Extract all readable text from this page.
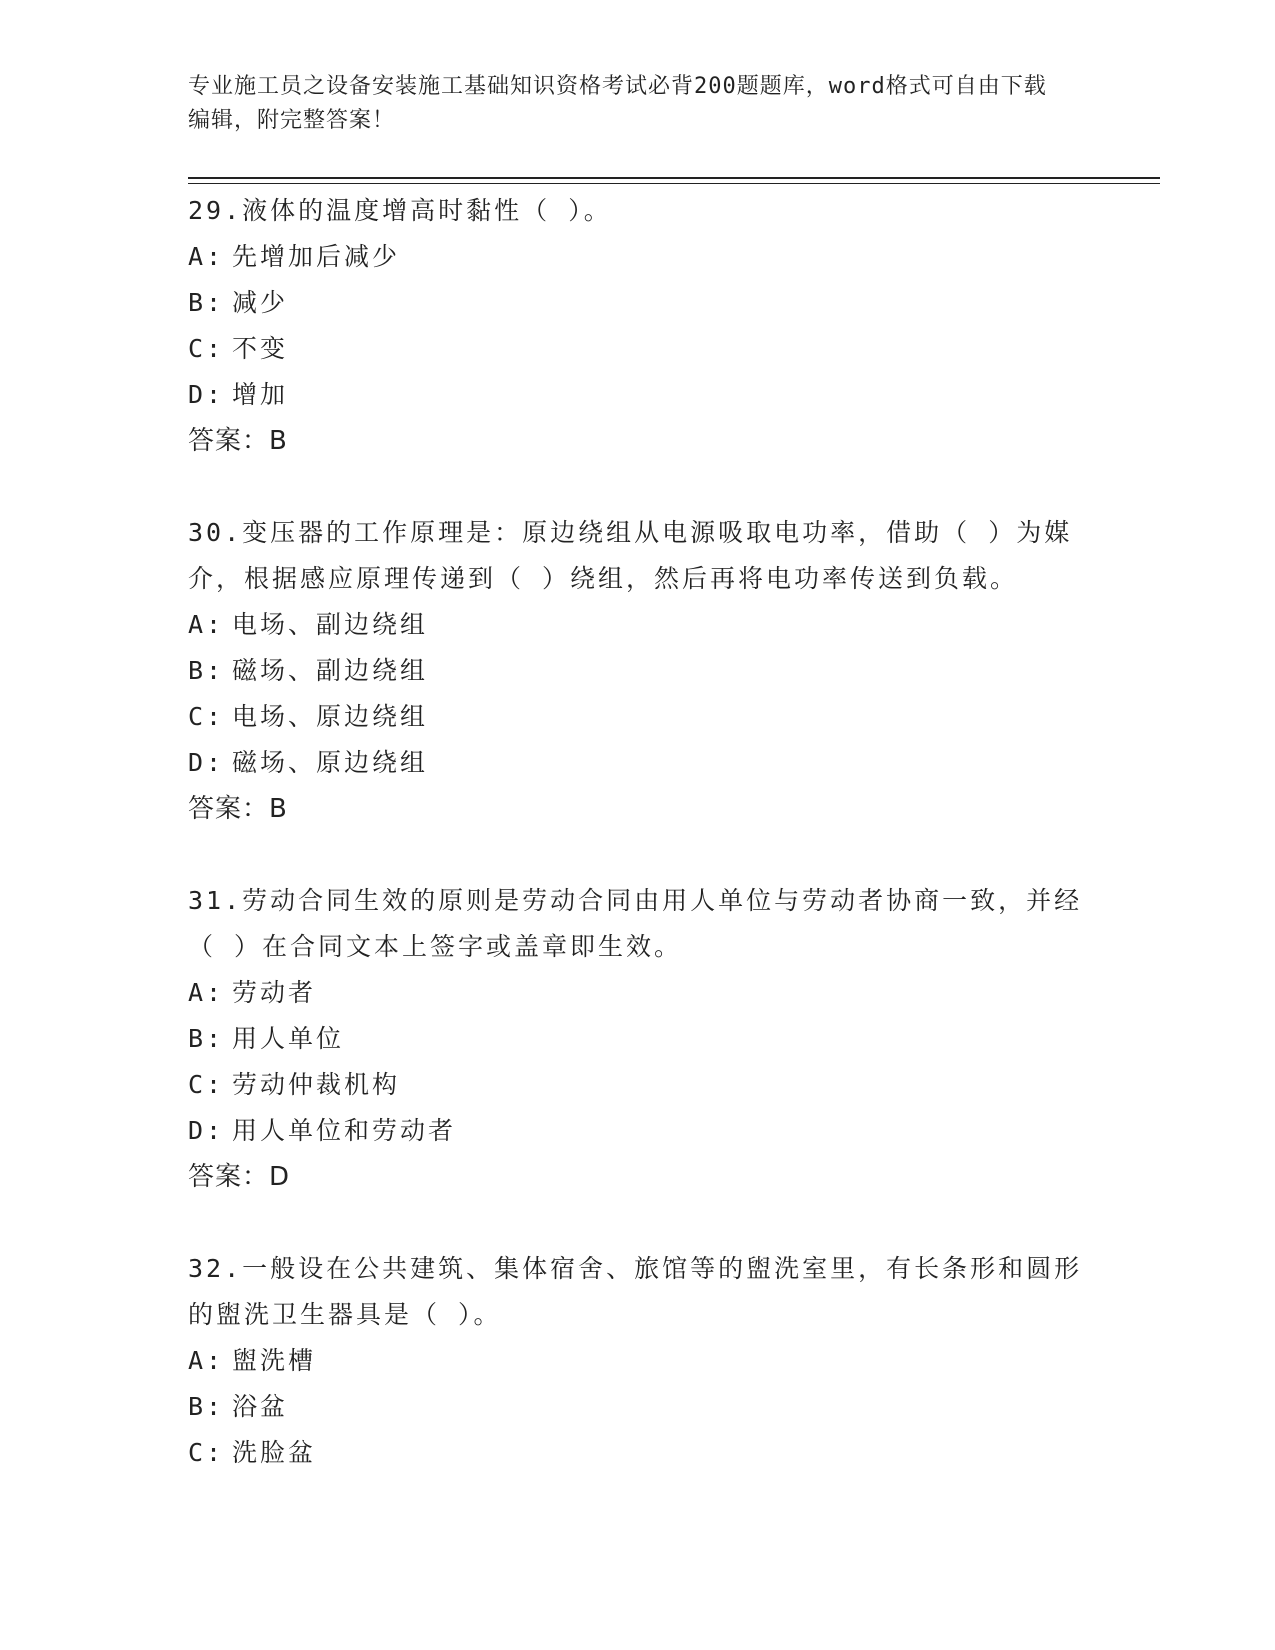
专业施工员之设备安装施工基础知识资格考试必背200题题库，word格式可自由下载编辑，附完整答案！

29.液体的温度增高时黏性（ ）。

A: 先增加后减少
B: 减少
C: 不变
D: 增加

答案：B

30.变压器的工作原理是：原边绕组从电源吸取电功率，借助（ ）为媒介，根据感应原理传递到（ ）绕组，然后再将电功率传送到负载。

A: 电场、副边绕组
B: 磁场、副边绕组
C: 电场、原边绕组
D: 磁场、原边绕组

答案：B

31.劳动合同生效的原则是劳动合同由用人单位与劳动者协商一致，并经（ ）在合同文本上签字或盖章即生效。

A: 劳动者
B: 用人单位
C: 劳动仲裁机构
D: 用人单位和劳动者

答案：D

32.一般设在公共建筑、集体宿舍、旅馆等的盥洗室里，有长条形和圆形的盥洗卫生器具是（ ）。

A: 盥洗槽
B: 浴盆
C: 洗脸盆
